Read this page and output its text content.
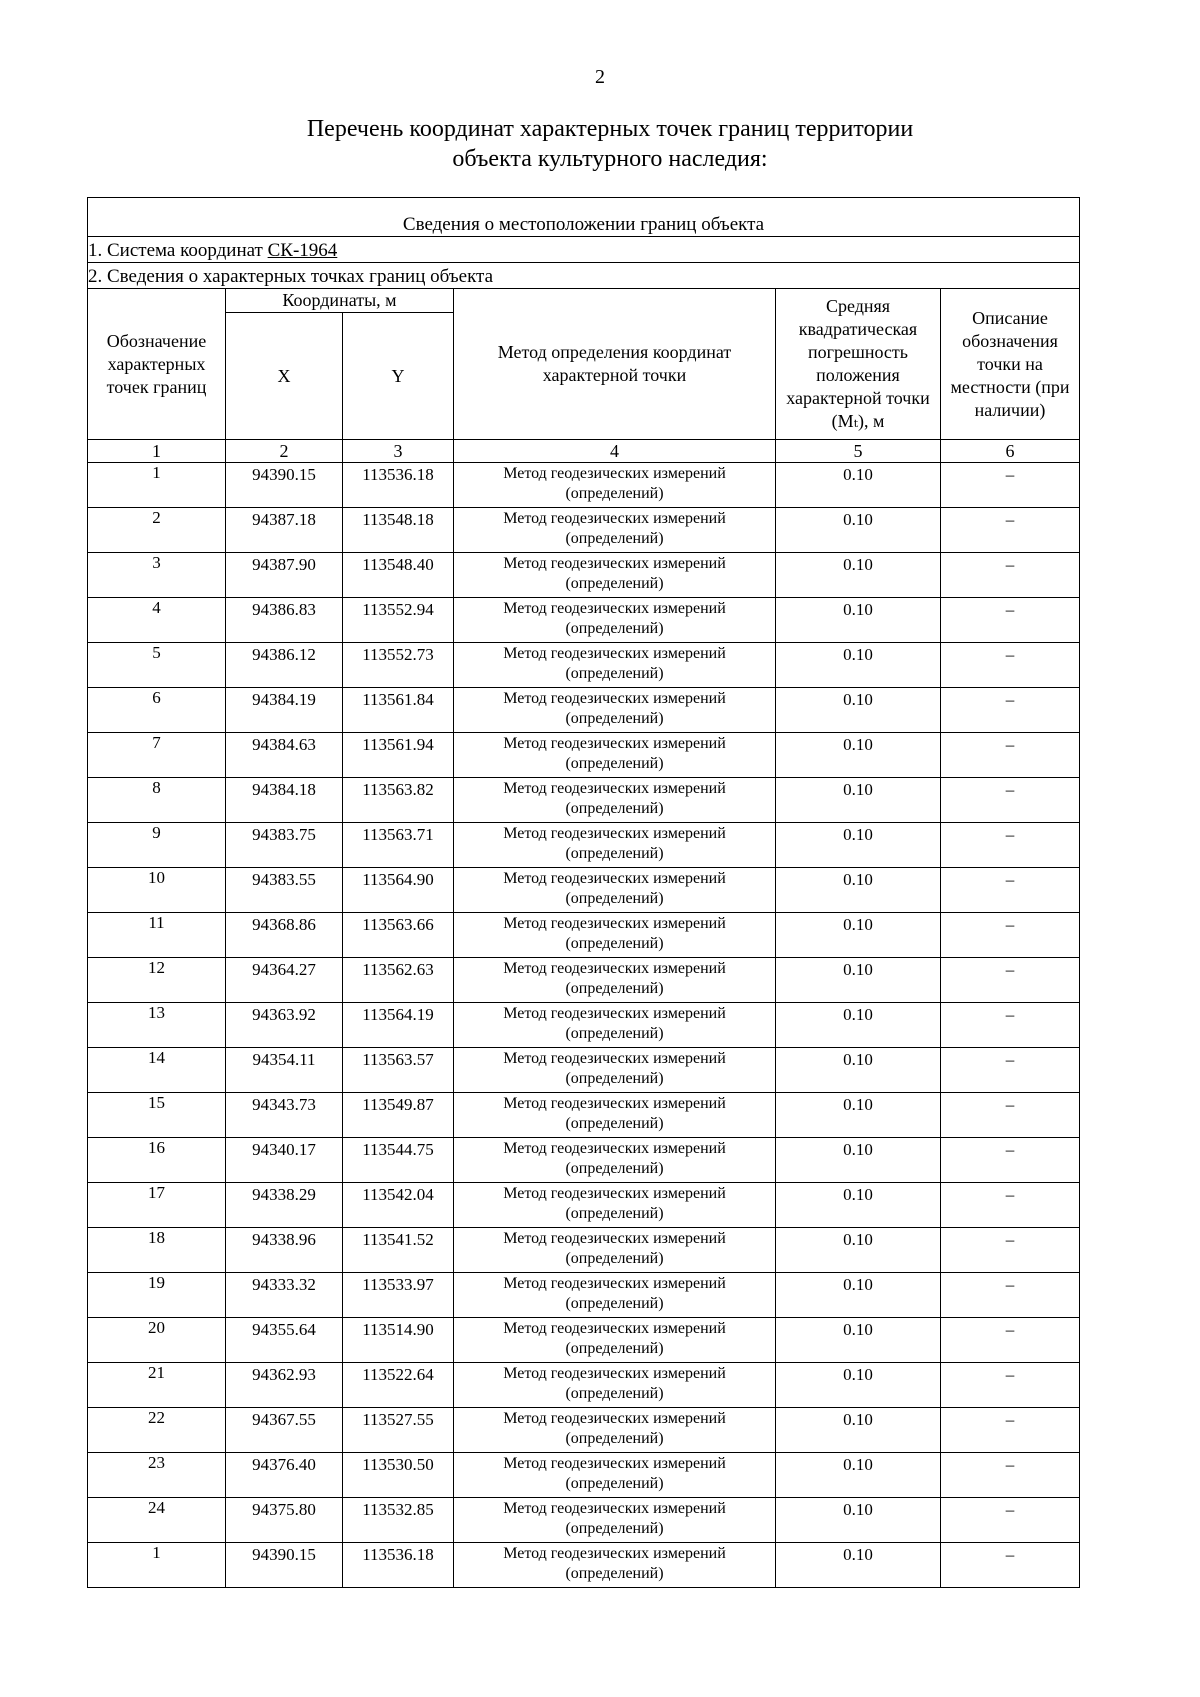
2
Перечень координат характерных точек границ территории
объекта культурного наследия:
Сведения о местоположении границ объекта					
1. Система координат СК-1964					
2. Сведения о характерных точках границ объекта					
Обозначение характерных точек границ	Координаты, м		Метод определения координат характерной точки	Средняя квадратическая погрешность положения характерной точки (Mₜ), м	Описание обозначения точки на местности (при наличии)
	X	Y			
1	2	3	4	5	6
1	94390.15	113536.18	Метод геодезических измерений (определений)	0.10	–
2	94387.18	113548.18	Метод геодезических измерений (определений)	0.10	–
3	94387.90	113548.40	Метод геодезических измерений (определений)	0.10	–
4	94386.83	113552.94	Метод геодезических измерений (определений)	0.10	–
5	94386.12	113552.73	Метод геодезических измерений (определений)	0.10	–
6	94384.19	113561.84	Метод геодезических измерений (определений)	0.10	–
7	94384.63	113561.94	Метод геодезических измерений (определений)	0.10	–
8	94384.18	113563.82	Метод геодезических измерений (определений)	0.10	–
9	94383.75	113563.71	Метод геодезических измерений (определений)	0.10	–
10	94383.55	113564.90	Метод геодезических измерений (определений)	0.10	–
11	94368.86	113563.66	Метод геодезических измерений (определений)	0.10	–
12	94364.27	113562.63	Метод геодезических измерений (определений)	0.10	–
13	94363.92	113564.19	Метод геодезических измерений (определений)	0.10	–
14	94354.11	113563.57	Метод геодезических измерений (определений)	0.10	–
15	94343.73	113549.87	Метод геодезических измерений (определений)	0.10	–
16	94340.17	113544.75	Метод геодезических измерений (определений)	0.10	–
17	94338.29	113542.04	Метод геодезических измерений (определений)	0.10	–
18	94338.96	113541.52	Метод геодезических измерений (определений)	0.10	–
19	94333.32	113533.97	Метод геодезических измерений (определений)	0.10	–
20	94355.64	113514.90	Метод геодезических измерений (определений)	0.10	–
21	94362.93	113522.64	Метод геодезических измерений (определений)	0.10	–
22	94367.55	113527.55	Метод геодезических измерений (определений)	0.10	–
23	94376.40	113530.50	Метод геодезических измерений (определений)	0.10	–
24	94375.80	113532.85	Метод геодезических измерений (определений)	0.10	–
1	94390.15	113536.18	Метод геодезических измерений (определений)	0.10	–
